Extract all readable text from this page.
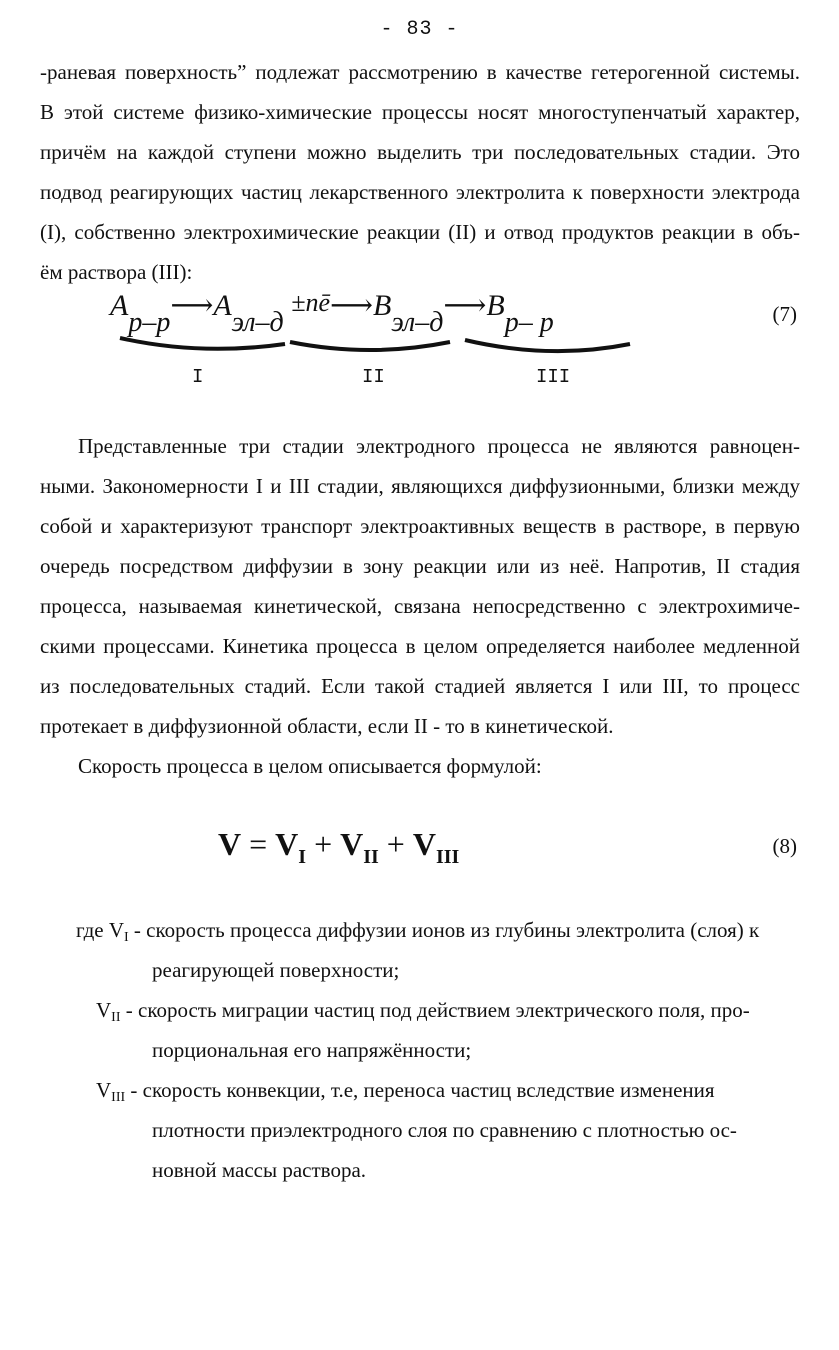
- 83 -
-раневая поверхность” подлежат рассмотрению в качестве гетерогенной системы.
В этой системе физико-химические процессы носят многоступенчатый характер,
причём на каждой ступени можно выделить три последовательных стадии. Это
подвод реагирующих частиц лекарственного электролита к поверхности электрода
(I), собственно электрохимические реакции (II) и отвод продуктов реакции в объ-
ём раствора (III):
Aр–р⟶Aэл–д ±nē⟶Bэл–д⟶Bр– р
I	II	III
(7)
Представленные три стадии электродного процесса не являются равноцен-
ными. Закономерности I и III стадии, являющихся диффузионными, близки между
собой и характеризуют транспорт электроактивных веществ в растворе, в первую
очередь посредством диффузии в зону реакции или из неё. Напротив, II стадия
процесса, называемая кинетической, связана непосредственно с электрохимиче-
скими процессами. Кинетика процесса в целом определяется наиболее медленной
из последовательных стадий. Если такой стадией является I или III, то процесс
протекает в диффузионной области, если II - то в кинетической.
Скорость процесса в целом описывается формулой:
$V = V_I + V_{II} + V_{III}$	(8)
где VI - скорость процесса диффузии ионов из глубины электролита (слоя) к
реагирующей поверхности;
VII - скорость миграции частиц под действием электрического поля, про-
порциональная его напряжённости;
VIII - скорость конвекции, т.е, переноса частиц вследствие изменения
плотности приэлектродного слоя по сравнению с плотностью ос-
новной массы раствора.
